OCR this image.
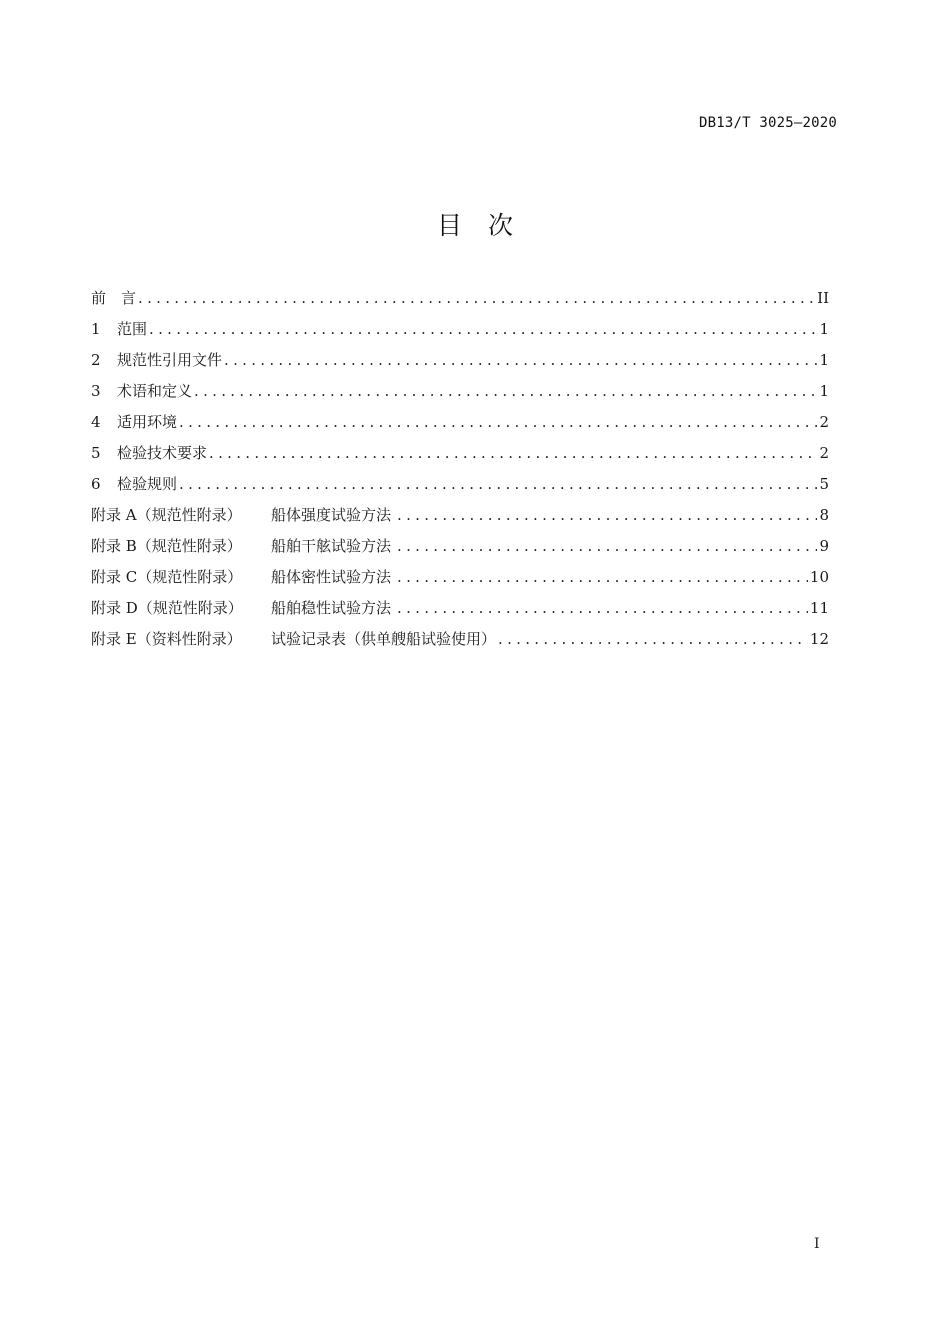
DB13/T 3025—2020
目次
前　言 .....	II
1	范围 .....	1
2	规范性引用文件 .....	1
3	术语和定义 .....	1
4	适用环境 .....	2
5	检验技术要求 .....	2
6	检验规则 .....	5
附录 A（规范性附录）	船体强度试验方法 .....	8
附录 B（规范性附录）	船舶干舷试验方法 .....	9
附录 C（规范性附录）	船体密性试验方法 .....	10
附录 D（规范性附录）	船舶稳性试验方法 .....	11
附录 E（资料性附录）	试验记录表（供单艘船试验使用） .....	12
I
